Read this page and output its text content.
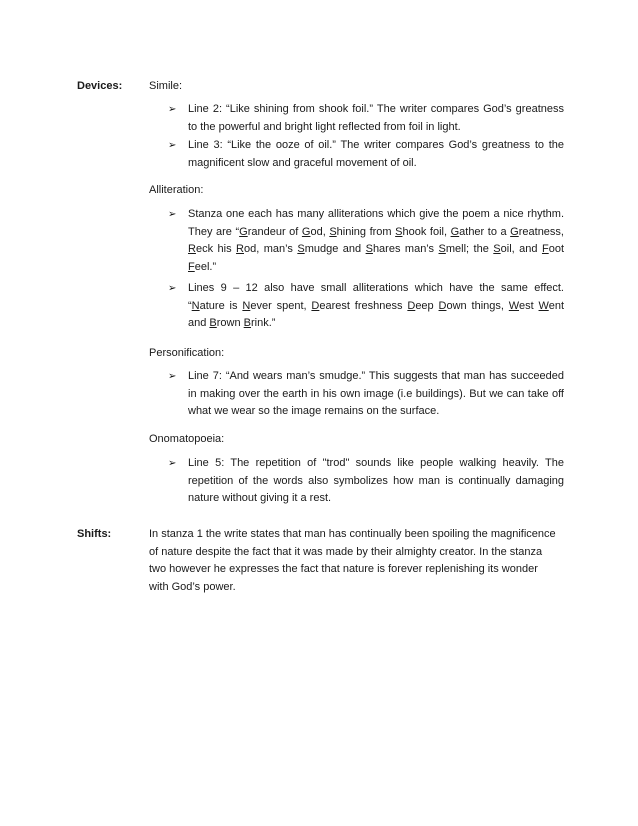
Devices: Simile:
➢ Line 2: “Like shining from shook foil.” The writer compares God’s greatness to the powerful and bright light reflected from foil in light.
➢ Line 3: “Like the ooze of oil.” The writer compares God’s greatness to the magnificent slow and graceful movement of oil.
Alliteration:
➢ Stanza one each has many alliterations which give the poem a nice rhythm. They are “Grandeur of God, Shining from Shook foil, Gather to a Greatness, Reck his Rod, man’s Smudge and Shares man’s Smell; the Soil, and Foot Feel.”
➢ Lines 9 – 12 also have small alliterations which have the same effect. “Nature is Never spent, Dearest freshness Deep Down things, West Went and Brown Brink.”
Personification:
➢ Line 7: “And wears man’s smudge.” This suggests that man has succeeded in making over the earth in his own image (i.e buildings). But we can take off what we wear so the image remains on the surface.
Onomatopoeia:
➢ Line 5: The repetition of "trod" sounds like people walking heavily. The repetition of the words also symbolizes how man is continually damaging nature without giving it a rest.
Shifts:	In stanza 1 the write states that man has continually been spoiling the magnificence of nature despite the fact that it was made by their almighty creator. In the stanza two however he expresses the fact that nature is forever replenishing its wonder with God’s power.
